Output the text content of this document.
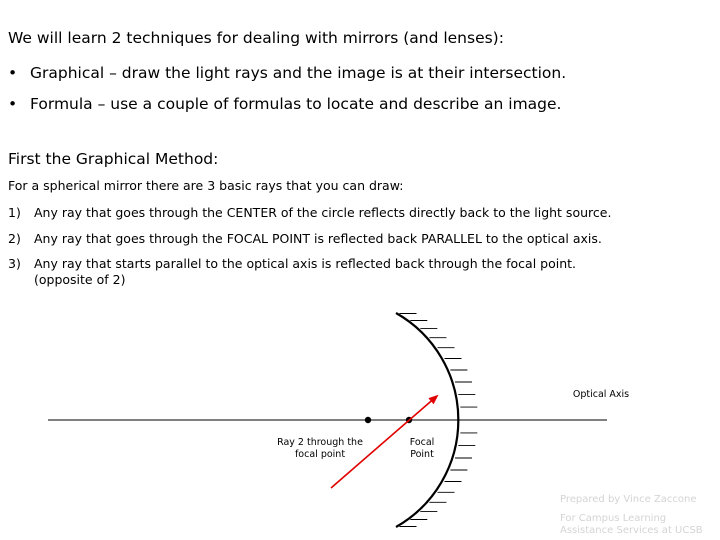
We will learn 2 techniques for dealing with mirrors (and lenses):
• Graphical – draw the light rays and the image is at their intersection.
• Formula – use a couple of formulas to locate and describe an image.
First the Graphical Method:
For a spherical mirror there are 3 basic rays that you can draw:
1) Any ray that goes through the CENTER of the circle reflects directly back to the light source.
2) Any ray that goes through the FOCAL POINT is reflected back PARALLEL to the optical axis.
3) Any ray that starts parallel to the optical axis is reflected back through the focal point.
(opposite of 2)
Ray 2 through the focal point
Focal Point
Optical Axis
Prepared by Vince Zaccone
For Campus Learning Assistance Services at UCSB
